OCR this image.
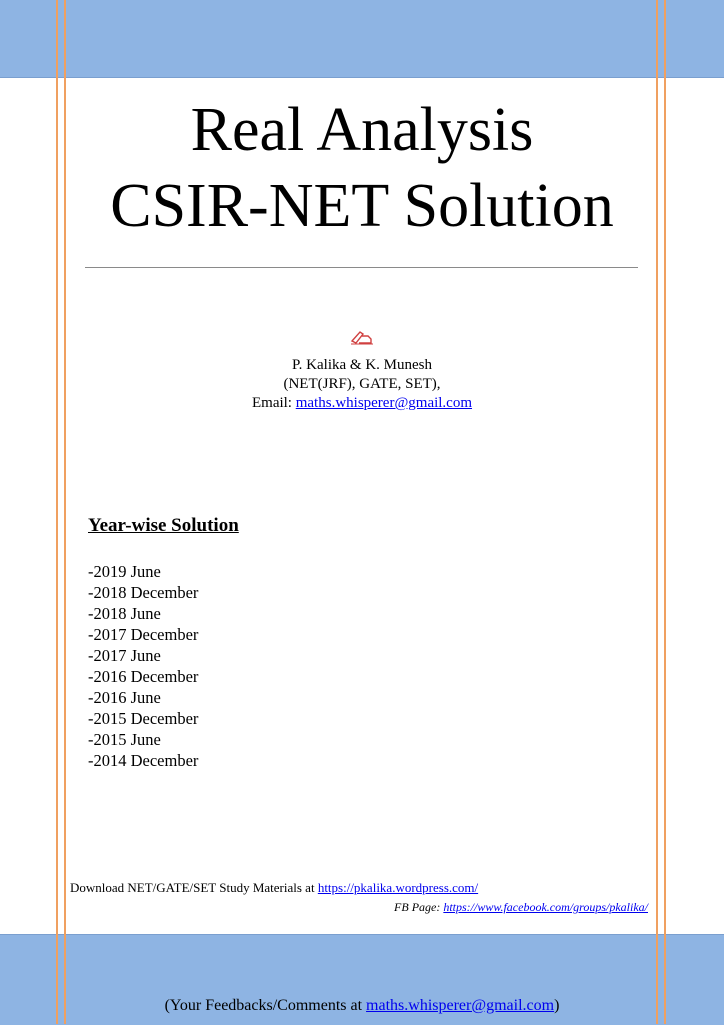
Real Analysis
CSIR-NET Solution
P. Kalika & K. Munesh
(NET(JRF), GATE, SET),
Email: maths.whisperer@gmail.com
Year-wise Solution
-2019 June
-2018 December
-2018 June
-2017 December
-2017 June
-2016 December
-2016 June
-2015 December
-2015 June
-2014 December
Download NET/GATE/SET Study Materials at https://pkalika.wordpress.com/
FB Page: https://www.facebook.com/groups/pkalika/
(Your Feedbacks/Comments at maths.whisperer@gmail.com)
